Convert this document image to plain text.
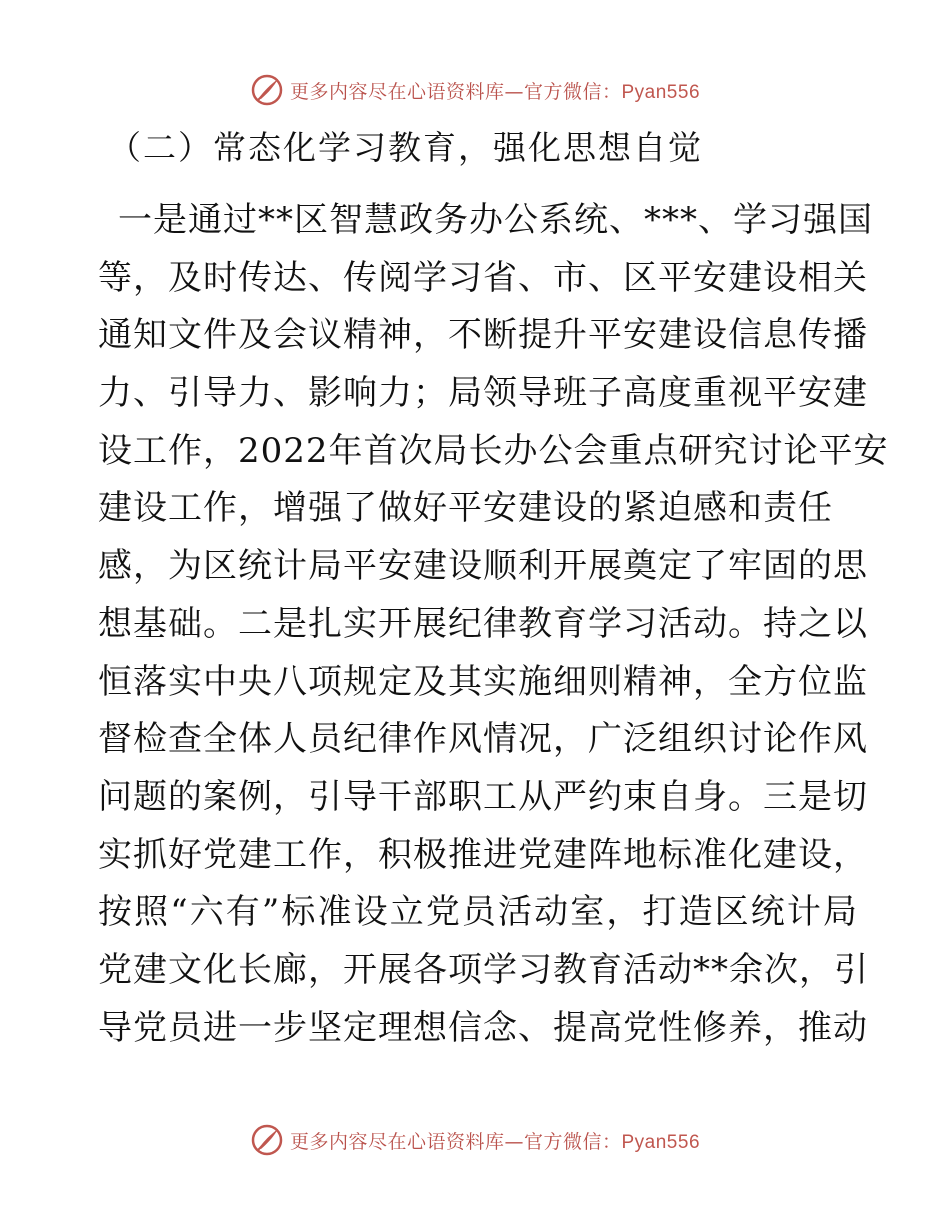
更多内容尽在心语资料库—官方微信：Pyan556
（二）常态化学习教育，强化思想自觉
一是通过**区智慧政务办公系统、***、学习强国
等，及时传达、传阅学习省、市、区平安建设相关
通知文件及会议精神，不断提升平安建设信息传播
力、引导力、影响力；局领导班子高度重视平安建
设工作，2022年首次局长办公会重点研究讨论平安
建设工作，增强了做好平安建设的紧迫感和责任
感，为区统计局平安建设顺利开展奠定了牢固的思
想基础。二是扎实开展纪律教育学习活动。持之以
恒落实中央八项规定及其实施细则精神，全方位监
督检查全体人员纪律作风情况，广泛组织讨论作风
问题的案例，引导干部职工从严约束自身。三是切
实抓好党建工作，积极推进党建阵地标准化建设，
按照“六有”标准设立党员活动室，打造区统计局
党建文化长廊，开展各项学习教育活动**余次，引
导党员进一步坚定理想信念、提高党性修养，推动
更多内容尽在心语资料库—官方微信：Pyan556
